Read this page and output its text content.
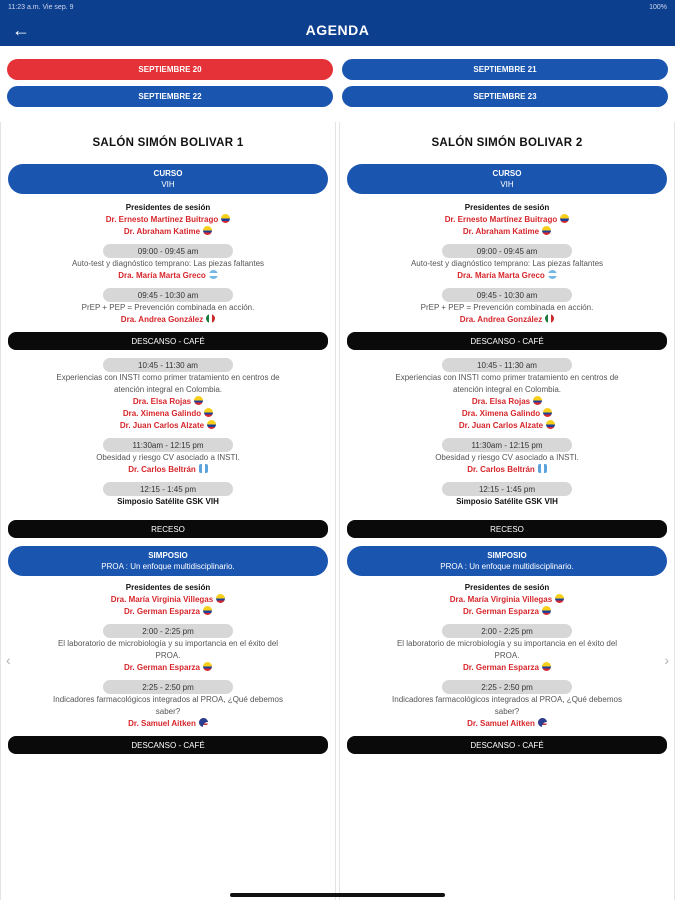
11:23 a.m. Vie sep. 9	100%
←	AGENDA
SEPTIEMBRE 20	SEPTIEMBRE 21
SEPTIEMBRE 22	SEPTIEMBRE 23
SALÓN SIMÓN BOLIVAR 1
CURSO
VIH
Presidentes de sesión
Dr. Ernesto Martínez Buitrago
Dr. Abraham Katime
09:00 - 09:45 am
Auto-test y diagnóstico temprano: Las piezas faltantes
Dra. María Marta Greco
09:45 - 10:30 am
PrEP + PEP = Prevención combinada en acción.
Dra. Andrea González
DESCANSO - CAFÉ
10:45 - 11:30 am
Experiencias con INSTI como primer tratamiento en centros de
atención integral en Colombia.
Dra. Elsa Rojas
Dra. Ximena Galindo
Dr. Juan Carlos Alzate
11:30am - 12:15 pm
Obesidad y riesgo CV asociado a INSTI.
Dr. Carlos Beltrán
12:15 - 1:45 pm
Simposio Satélite GSK VIH
RECESO
SIMPOSIO
PROA : Un enfoque multidisciplinario.
Presidentes de sesión
Dra. María Virginia Villegas
Dr. German Esparza
2:00 - 2:25 pm
El laboratorio de microbiología y su importancia en el éxito del
PROA.
Dr. German Esparza
2:25 - 2:50 pm
Indicadores farmacológicos integrados al PROA, ¿Qué debemos
saber?
Dr. Samuel Aitken
DESCANSO - CAFÉ
SALÓN SIMÓN BOLIVAR 2
CURSO
VIH
Presidentes de sesión
Dr. Ernesto Martínez Buitrago
Dr. Abraham Katime
09:00 - 09:45 am
Auto-test y diagnóstico temprano: Las piezas faltantes
Dra. María Marta Greco
09:45 - 10:30 am
PrEP + PEP = Prevención combinada en acción.
Dra. Andrea González
DESCANSO - CAFÉ
10:45 - 11:30 am
Experiencias con INSTI como primer tratamiento en centros de
atención integral en Colombia.
Dra. Elsa Rojas
Dra. Ximena Galindo
Dr. Juan Carlos Alzate
11:30am - 12:15 pm
Obesidad y riesgo CV asociado a INSTI.
Dr. Carlos Beltrán
12:15 - 1:45 pm
Simposio Satélite GSK VIH
RECESO
SIMPOSIO
PROA : Un enfoque multidisciplinario.
Presidentes de sesión
Dra. María Virginia Villegas
Dr. German Esparza
2:00 - 2:25 pm
El laboratorio de microbiología y su importancia en el éxito del
PROA.
Dr. German Esparza
2:25 - 2:50 pm
Indicadores farmacológicos integrados al PROA, ¿Qué debemos
saber?
Dr. Samuel Aitken
DESCANSO - CAFÉ
‹	›
